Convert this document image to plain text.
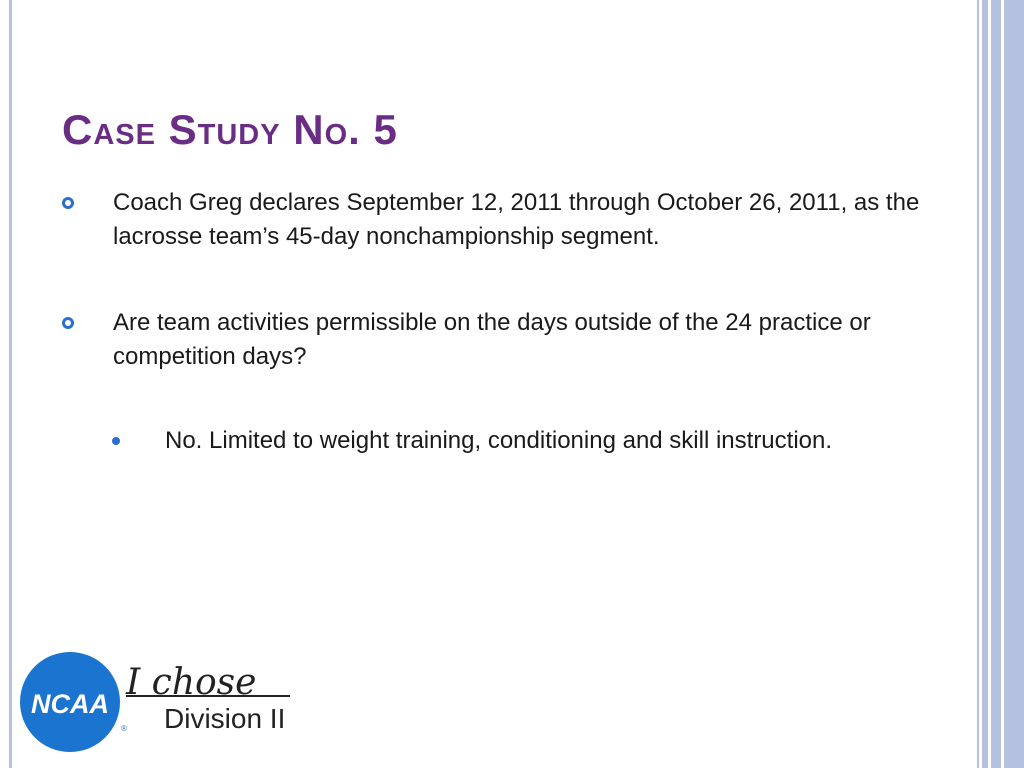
Case Study No. 5
Coach Greg declares September 12, 2011 through October 26, 2011, as the lacrosse team’s 45-day nonchampionship segment.
Are team activities permissible on the days outside of the 24 practice or competition days?
No. Limited to weight training, conditioning and skill instruction.
NCAA
®
I chose
Division II
